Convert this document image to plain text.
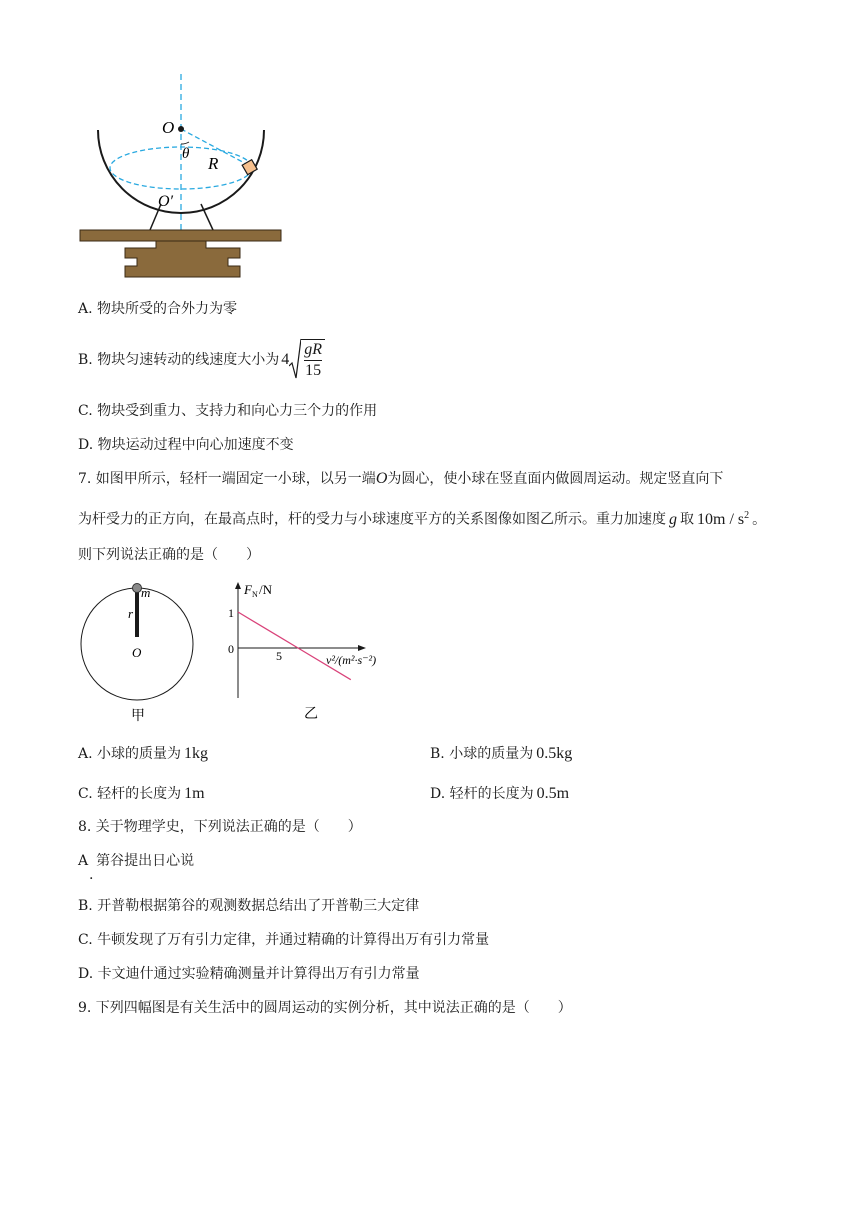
O
θ R
O′
A. 物块所受的合外力为零
B. 物块匀速转动的线速度大小为 4
gR
15
C. 物块受到重力、支持力和向心力三个力的作用
D. 物块运动过程中向心加速度不变
7. 如图甲所示，轻杆一端固定一小球，以另一端O为圆心，使小球在竖直面内做圆周运动。规定竖直向下
为杆受力的正方向，在最高点时，杆的受力与小球速度平方的关系图像如图乙所示。重力加速度 g 取 $10m / s^2$ 。
则下列说法正确的是（　　）
m
r
O
甲
F N /N
1
0	5	v²/(m²·s⁻²)
乙
A. 小球的质量为 1kg	B. 小球的质量为 0.5kg
C. 轻杆的长度为 1m	D. 轻杆的长度为 0.5m
8. 关于物理学史，下列说法正确的是（　　）
A 第谷提出日心说
.
B. 开普勒根据第谷的观测数据总结出了开普勒三大定律
C. 牛顿发现了万有引力定律，并通过精确的计算得出万有引力常量
D. 卡文迪什通过实验精确测量并计算得出万有引力常量
9. 下列四幅图是有关生活中的圆周运动的实例分析，其中说法正确的是（　　）
